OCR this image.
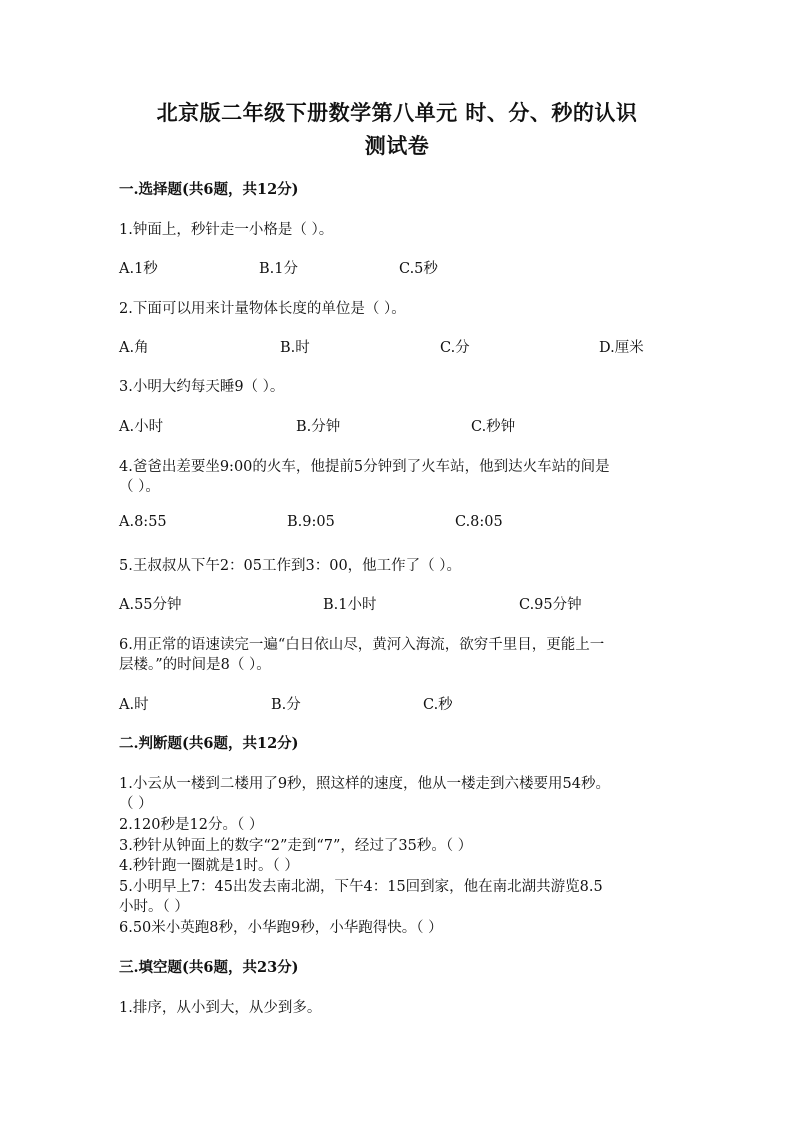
北京版二年级下册数学第八单元 时、分、秒的认识
测试卷
一.选择题(共6题，共12分)
1.钟面上，秒针走一小格是（ ）。
A.1秒	B.1分	C.5秒
2.下面可以用来计量物体长度的单位是（ ）。
A.角	B.时	C.分	D.厘米
3.小明大约每天睡9（ ）。
A.小时	B.分钟	C.秒钟
4.爸爸出差要坐9:00的火车，他提前5分钟到了火车站，他到达火车站的间是
（ ）。
A.8:55	B.9:05	C.8:05
5.王叔叔从下午2：05工作到3：00，他工作了（ ）。
A.55分钟	B.1小时	C.95分钟
6.用正常的语速读完一遍“白日依山尽，黄河入海流，欲穷千里目，更能上一
层楼。”的时间是8（ ）。
A.时	B.分	C.秒
二.判断题(共6题，共12分)
1.小云从一楼到二楼用了9秒，照这样的速度，他从一楼走到六楼要用54秒。
（ ）
2.120秒是12分。（ ）
3.秒针从钟面上的数字“2”走到“7”，经过了35秒。（ ）
4.秒针跑一圈就是1时。（ ）
5.小明早上7：45出发去南北湖，下午4：15回到家，他在南北湖共游览8.5
小时。（ ）
6.50米小英跑8秒，小华跑9秒，小华跑得快。（ ）
三.填空题(共6题，共23分)
1.排序，从小到大，从少到多。
